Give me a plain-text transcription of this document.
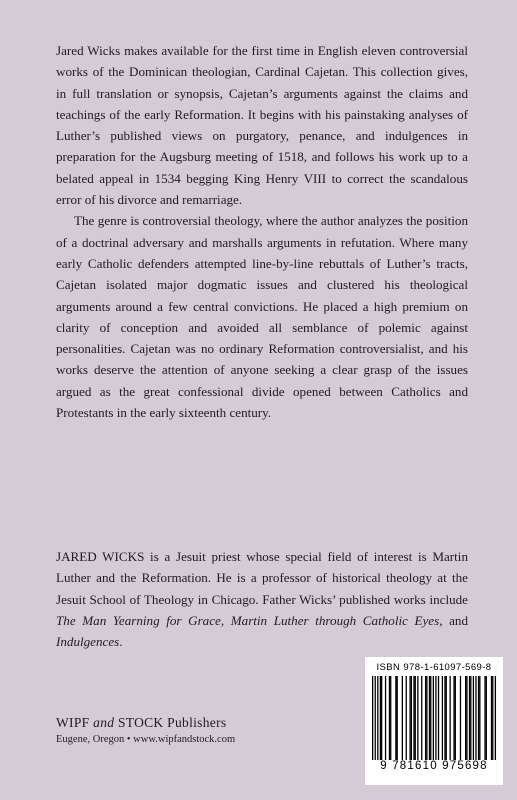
Jared Wicks makes available for the first time in English eleven controversial works of the Dominican theologian, Cardinal Cajetan. This collection gives, in full translation or synopsis, Cajetan’s arguments against the claims and teachings of the early Reformation. It begins with his painstaking analyses of Luther’s published views on purgatory, penance, and indulgences in preparation for the Augsburg meeting of 1518, and follows his work up to a belated appeal in 1534 begging King Henry VIII to correct the scandalous error of his divorce and remarriage.

The genre is controversial theology, where the author analyzes the position of a doctrinal adversary and marshalls arguments in refutation. Where many early Catholic defenders attempted line-by-line rebuttals of Luther’s tracts, Cajetan isolated major dogmatic issues and clustered his theological arguments around a few central convictions. He placed a high premium on clarity of conception and avoided all semblance of polemic against personalities. Cajetan was no ordinary Reformation controversialist, and his works deserve the attention of anyone seeking a clear grasp of the issues argued as the great confessional divide opened between Catholics and Protestants in the early sixteenth century.

JARED WICKS is a Jesuit priest whose special field of interest is Martin Luther and the Reformation. He is a professor of historical theology at the Jesuit School of Theology in Chicago. Father Wicks’ published works include The Man Yearning for Grace, Martin Luther through Catholic Eyes, and Indulgences.

WIPF and STOCK Publishers
Eugene, Oregon • www.wipfandstock.com
ISBN 978-1-61097-569-8
9 781610 975698
